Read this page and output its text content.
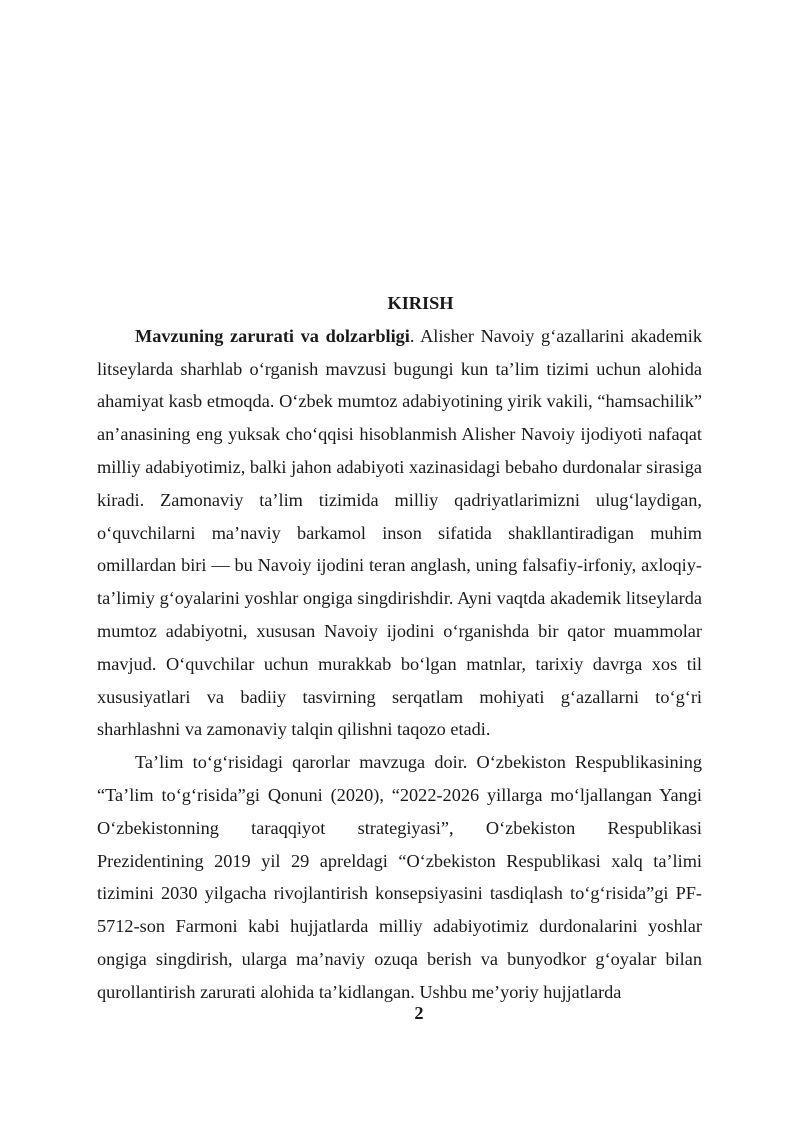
KIRISH

Mavzuning zarurati va dolzarbligi. Alisher Navoiy g‘azallarini akademik litseylarda sharhlab o‘rganish mavzusi bugungi kun ta’lim tizimi uchun alohida ahamiyat kasb etmoqda. O‘zbek mumtoz adabiyotining yirik vakili, “hamsachilik” an’anasining eng yuksak cho‘qqisi hisoblanmish Alisher Navoiy ijodiyoti nafaqat milliy adabiyotimiz, balki jahon adabiyoti xazinasidagi bebaho durdonalar sirasiga kiradi. Zamonaviy ta’lim tizimida milliy qadriyatlarimizni ulug‘laydigan, o‘quvchilarni ma’naviy barkamol inson sifatida shakllantiradigan muhim omillardan biri — bu Navoiy ijodini teran anglash, uning falsafiy-irfoniy, axloqiy-ta’limiy g‘oyalarini yoshlar ongiga singdirishdir. Ayni vaqtda akademik litseylarda mumtoz adabiyotni, xususan Navoiy ijodini o‘rganishda bir qator muammolar mavjud. O‘quvchilar uchun murakkab bo‘lgan matnlar, tarixiy davrga xos til xususiyatlari va badiiy tasvirning serqatlam mohiyati g‘azallarni to‘g‘ri sharhlashni va zamonaviy talqin qilishni taqozo etadi.

Ta’lim to‘g‘risidagi qarorlar mavzuga doir. O‘zbekiston Respublikasining “Ta’lim to‘g‘risida”gi Qonuni (2020), “2022-2026 yillarga mo‘ljallangan Yangi O‘zbekistonning taraqqiyot strategiyasi”, O‘zbekiston Respublikasi Prezidentining 2019 yil 29 apreldagi “O‘zbekiston Respublikasi xalq ta’limi tizimini 2030 yilgacha rivojlantirish konsepsiyasini tasdiqlash to‘g‘risida”gi PF-5712-son Farmoni kabi hujjatlarda milliy adabiyotimiz durdonalarini yoshlar ongiga singdirish, ularga ma’naviy ozuqa berish va bunyodkor g‘oyalar bilan qurollantirish zarurati alohida ta’kidlangan. Ushbu me’yoriy hujjatlarda

2
